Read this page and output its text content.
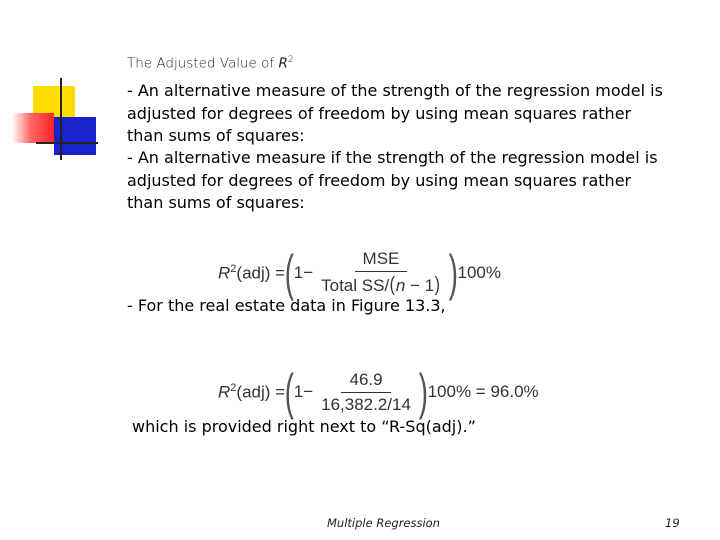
The Adjusted Value of $R^2$
- An alternative measure of the strength of the regression model is adjusted for degrees of freedom by using mean squares rather than sums of squares:
- An alternative measure if the strength of the regression model is adjusted for degrees of freedom by using mean squares rather than sums of squares:
$R^2(adj)$ = ( $1- \frac{\text{MSE}}{\text{Total SS/(n − 1)}}$ ) 100%
- For the real estate data in Figure 13.3,
$R^2(adj)$ = ( $1- \frac{46.9}{16,382.2/14}$ ) 100% = 96.0%
which is provided right next to “R-Sq(adj).”
Multiple Regression	19
